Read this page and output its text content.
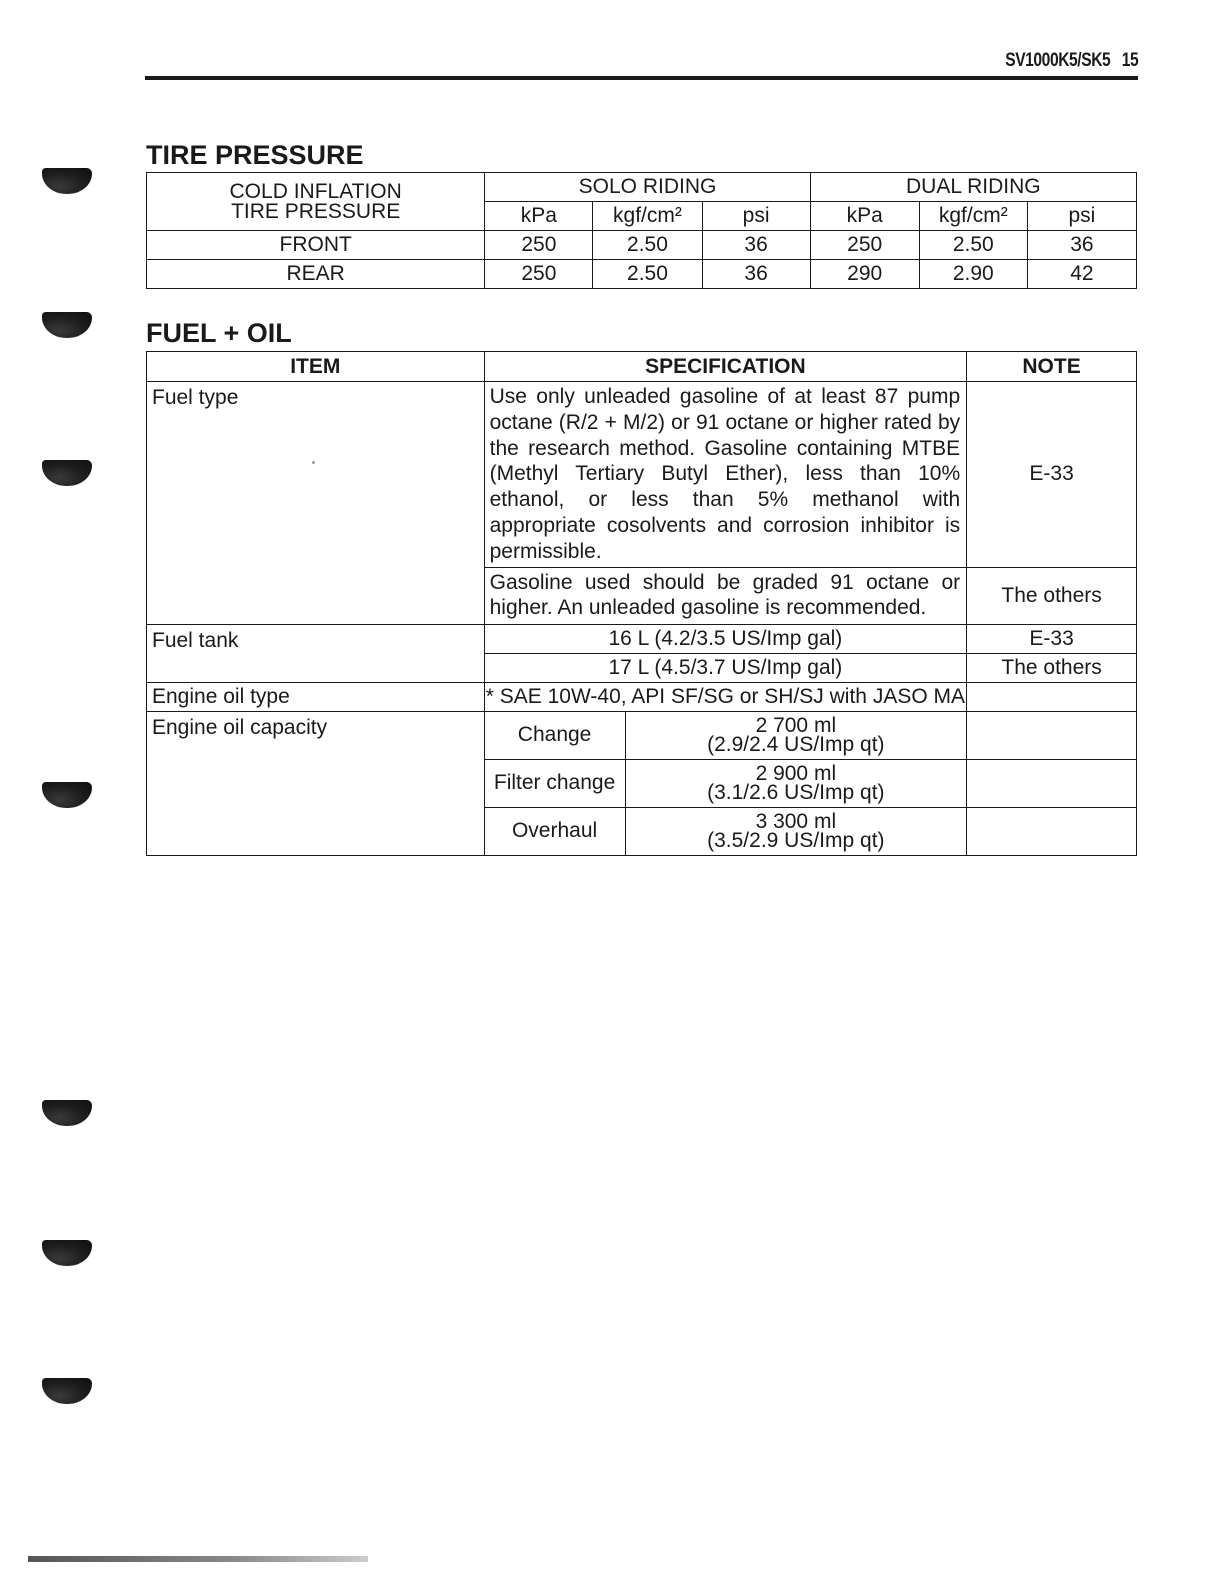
SV1000K5/SK5 15
TIRE PRESSURE
COLD INFLATION
TIRE PRESSURE	SOLO RIDING			DUAL RIDING		
	kPa	kgf/cm²	psi	kPa	kgf/cm²	psi
FRONT	250	2.50	36	250	2.50	36
REAR	250	2.50	36	290	2.90	42
FUEL + OIL
ITEM	SPECIFICATION		NOTE
Fuel type	Use only unleaded gasoline of at least 87 pump octane (R/2 + M/2) or 91 octane or higher rated by the research method. Gasoline containing MTBE (Methyl Tertiary Butyl Ether), less than 10% ethanol, or less than 5% methanol with appropriate cosolvents and corrosion inhibitor is permissible.		E-33
	Gasoline used should be graded 91 octane or higher. An unleaded gasoline is recommended.		The others
Fuel tank	16 L (4.2/3.5 US/Imp gal)		E-33
	17 L (4.5/3.7 US/Imp gal)		The others
Engine oil type	* SAE 10W-40, API SF/SG or SH/SJ with JASO MA		
Engine oil capacity	Change	2 700 ml
(2.9/2.4 US/Imp qt)	

	Filter change	2 900 ml
(3.1/2.6 US/Imp qt)	

	Overhaul	3 300 ml
(3.5/2.9 US/Imp qt)	
